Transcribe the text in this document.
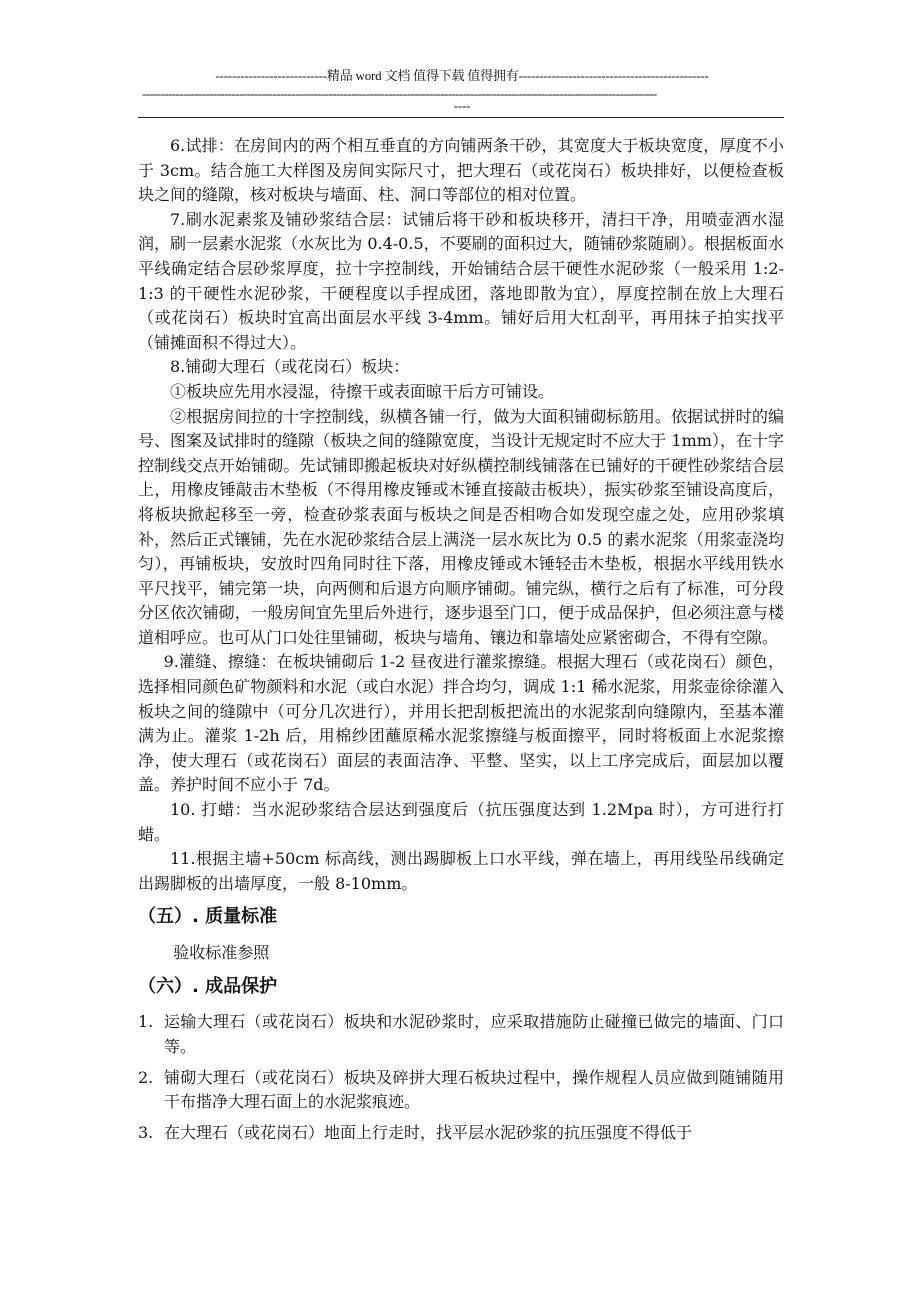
---------------------------精品 word 文档 值得下载 值得拥有----------------------------------------------
------------------------------------------------------------------------------------------------------------------------------------------
----

6.试排：在房间内的两个相互垂直的方向铺两条干砂，其宽度大于板块宽度，厚度不小于 3cm。结合施工大样图及房间实际尺寸，把大理石（或花岗石）板块排好，以便检查板块之间的缝隙，核对板块与墙面、柱、洞口等部位的相对位置。

7.刷水泥素浆及铺砂浆结合层：试铺后将干砂和板块移开，清扫干净，用喷壶洒水湿润，刷一层素水泥浆（水灰比为 0.4-0.5，不要刷的面积过大，随铺砂浆随刷）。根据板面水平线确定结合层砂浆厚度，拉十字控制线，开始铺结合层干硬性水泥砂浆（一般采用 1:2-1:3 的干硬性水泥砂浆，干硬程度以手捏成团，落地即散为宜），厚度控制在放上大理石（或花岗石）板块时宜高出面层水平线 3-4mm。铺好后用大杠刮平，再用抹子拍实找平（铺摊面积不得过大）。

8.铺砌大理石（或花岗石）板块：

①板块应先用水浸湿，待擦干或表面晾干后方可铺设。

②根据房间拉的十字控制线，纵横各铺一行，做为大面积铺砌标筋用。依据试拼时的编号、图案及试排时的缝隙（板块之间的缝隙宽度，当设计无规定时不应大于 1mm），在十字控制线交点开始铺砌。先试铺即搬起板块对好纵横控制线铺落在已铺好的干硬性砂浆结合层上，用橡皮锤敲击木垫板（不得用橡皮锤或木锤直接敲击板块），振实砂浆至铺设高度后，将板块掀起移至一旁，检查砂浆表面与板块之间是否相吻合如发现空虚之处，应用砂浆填补，然后正式镶铺，先在水泥砂浆结合层上满浇一层水灰比为 0.5 的素水泥浆（用浆壶浇均匀），再铺板块，安放时四角同时往下落，用橡皮锤或木锤轻击木垫板，根据水平线用铁水平尺找平，铺完第一块，向两侧和后退方向顺序铺砌。铺完纵，横行之后有了标准，可分段分区依次铺砌，一般房间宜先里后外进行，逐步退至门口，便于成品保护，但必须注意与楼道相呼应。也可从门口处往里铺砌，板块与墙角、镶边和靠墙处应紧密砌合，不得有空隙。

9.灌缝、擦缝：在板块铺砌后 1-2 昼夜进行灌浆擦缝。根据大理石（或花岗石）颜色，选择相同颜色矿物颜料和水泥（或白水泥）拌合均匀，调成 1:1 稀水泥浆，用浆壶徐徐灌入板块之间的缝隙中（可分几次进行），并用长把刮板把流出的水泥浆刮向缝隙内，至基本灌满为止。灌浆 1-2h 后，用棉纱团蘸原稀水泥浆擦缝与板面擦平，同时将板面上水泥浆擦净，使大理石（或花岗石）面层的表面洁净、平整、坚实，以上工序完成后，面层加以覆盖。养护时间不应小于 7d。

10. 打蜡：当水泥砂浆结合层达到强度后（抗压强度达到 1.2Mpa 时），方可进行打蜡。

11.根据主墙+50cm 标高线，测出踢脚板上口水平线，弹在墙上，再用线坠吊线确定出踢脚板的出墙厚度，一般 8-10mm。

（五）. 质量标准

验收标准参照

（六）. 成品保护
1. 运输大理石（或花岗石）板块和水泥砂浆时，应采取措施防止碰撞已做完的墙面、门口等。
2. 铺砌大理石（或花岗石）板块及碎拼大理石板块过程中，操作规程人员应做到随铺随用干布揩净大理石面上的水泥浆痕迹。
3. 在大理石（或花岗石）地面上行走时，找平层水泥砂浆的抗压强度不得低于
